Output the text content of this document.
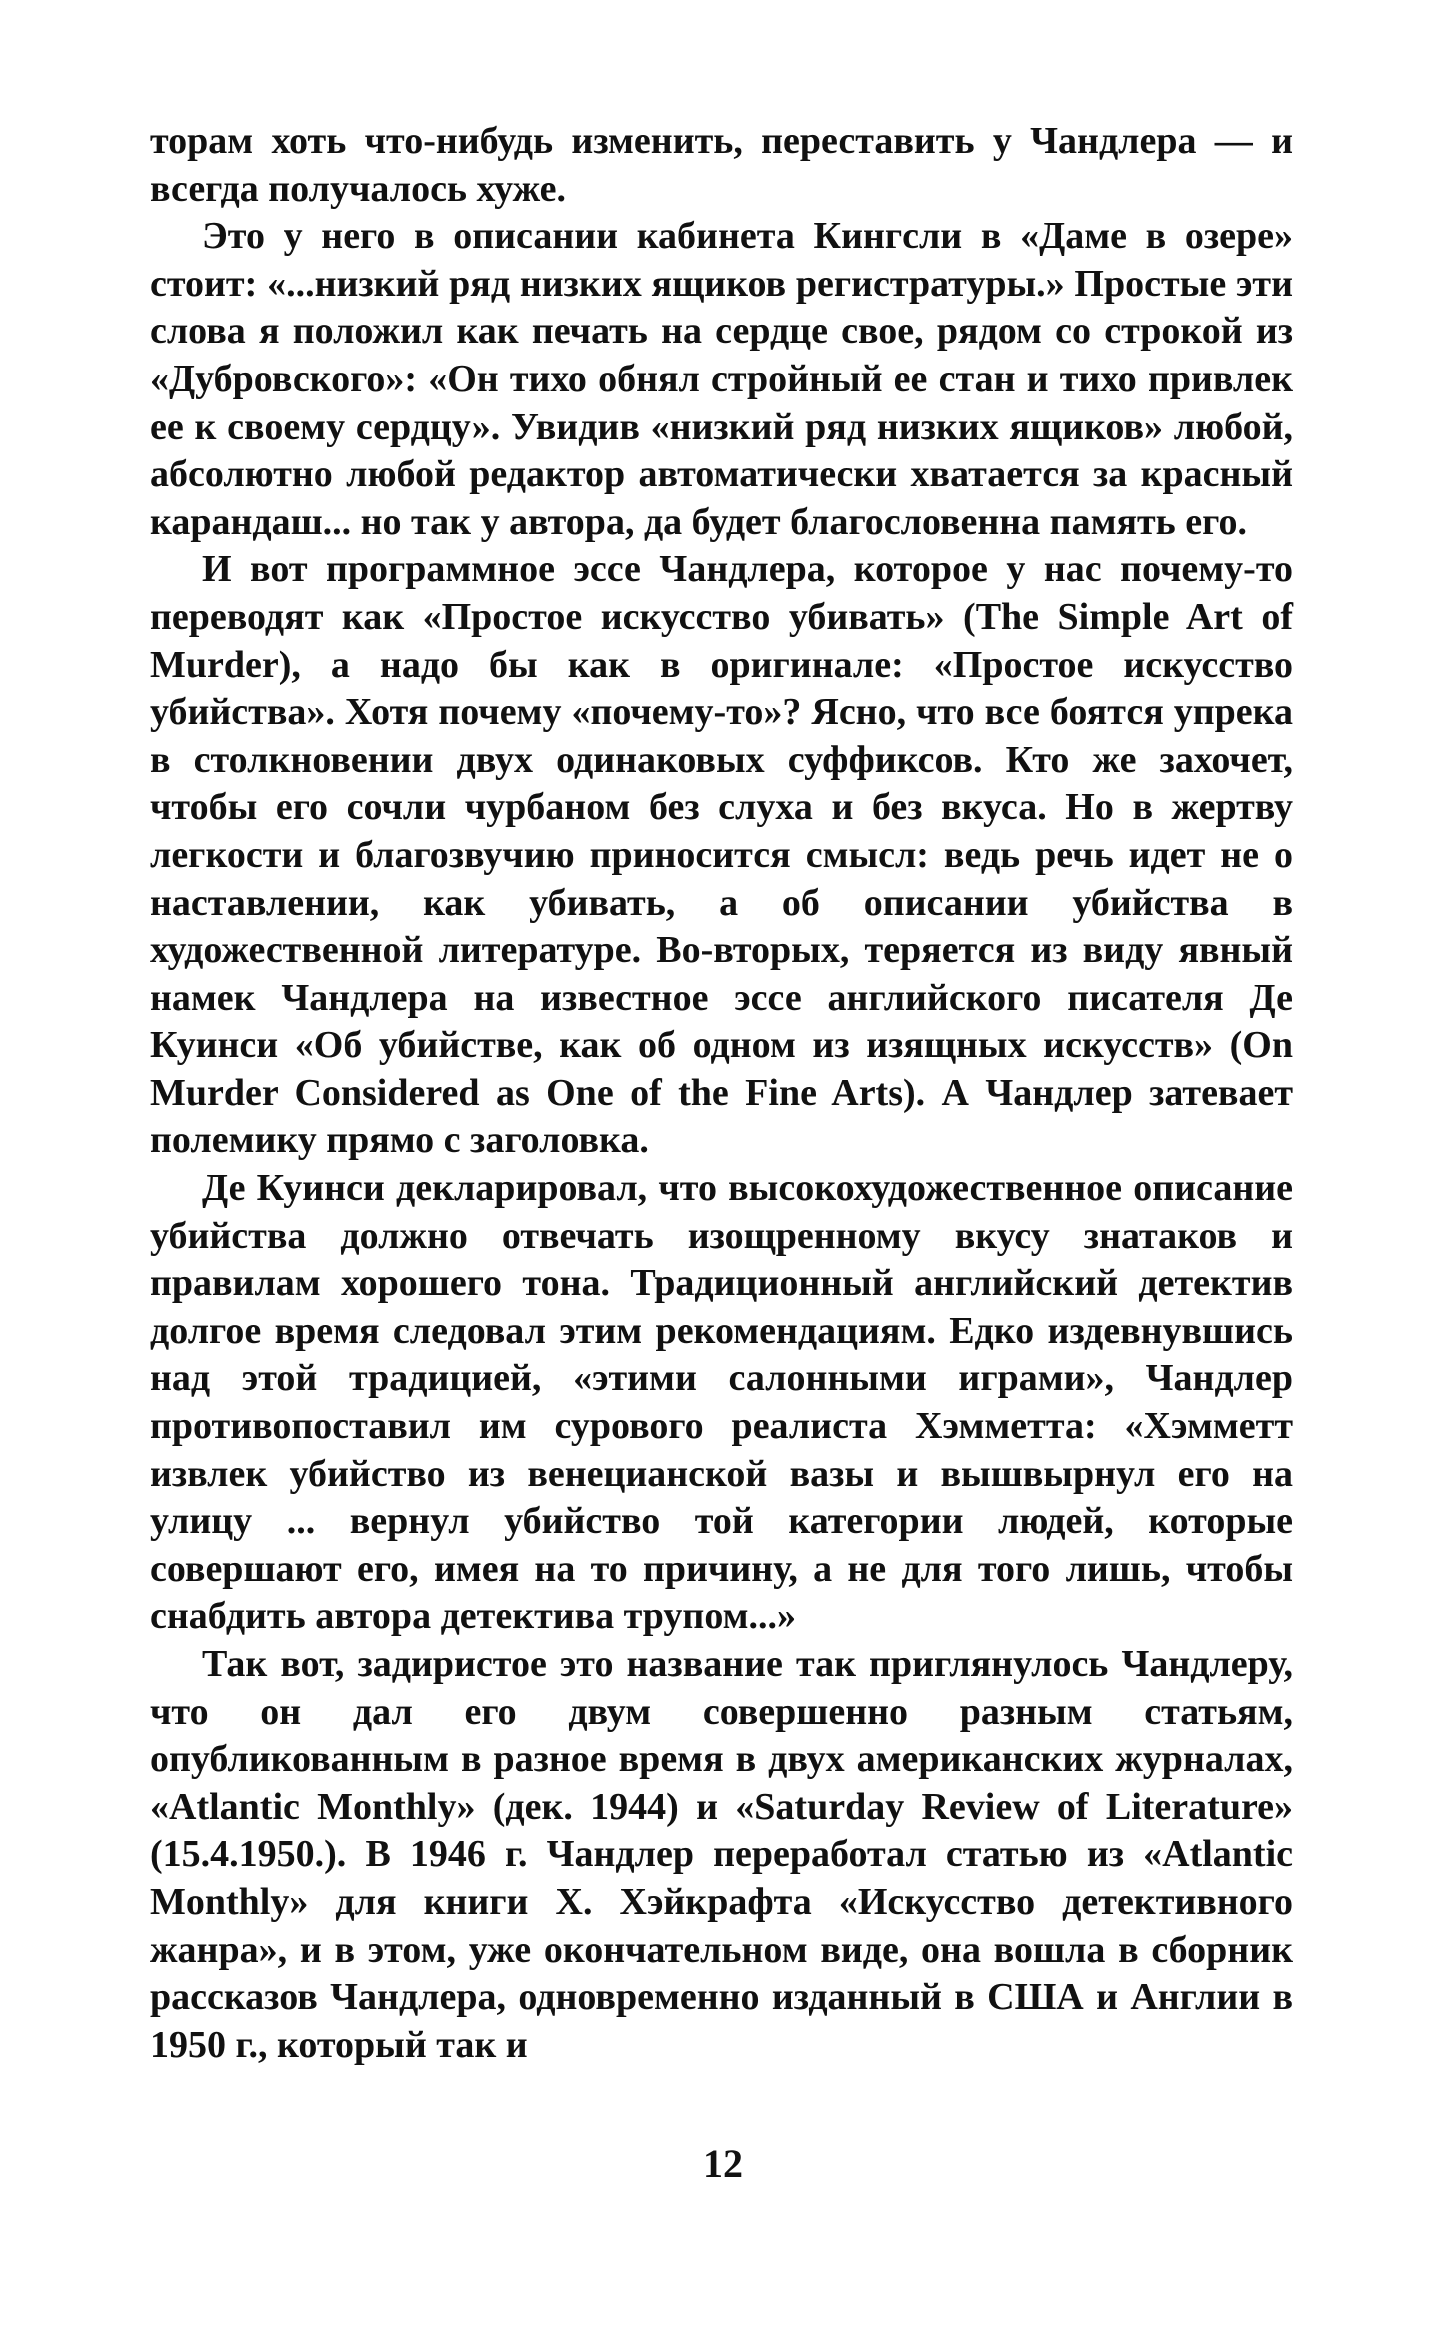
торам хоть что-нибудь изменить, переставить у Чандлера — и всегда получалось хуже.

Это у него в описании кабинета Кингсли в «Даме в озере» стоит: «...низкий ряд низких ящиков регистратуры.» Простые эти слова я положил как печать на сердце свое, рядом со строкой из «Дубровского»: «Он тихо обнял стройный ее стан и тихо привлек ее к своему сердцу». Увидив «низкий ряд низких ящиков» любой, абсолютно любой редактор автоматически хватается за красный карандаш... но так у автора, да будет благословенна память его.

И вот программное эссе Чандлера, которое у нас почему-то переводят как «Простое искусство убивать» (The Simple Art of Murder), а надо бы как в оригинале: «Простое искусство убийства». Хотя почему «почему-то»? Ясно, что все боятся упрека в столкновении двух одинаковых суффиксов. Кто же захочет, чтобы его сочли чурбаном без слуха и без вкуса. Но в жертву легкости и благозвучию приносится смысл: ведь речь идет не о наставлении, как убивать, а об описании убийства в художественной литературе. Во-вторых, теряется из виду явный намек Чандлера на известное эссе английского писателя Де Куинси «Об убийстве, как об одном из изящных искусств» (On Murder Considered as One of the Fine Arts). А Чандлер затевает полемику прямо с заголовка.

Де Куинси декларировал, что высокохудожественное описание убийства должно отвечать изощренному вкусу знатаков и правилам хорошего тона. Традиционный английский детектив долгое время следовал этим рекомендациям. Едко издевнувшись над этой традицией, «этими салонными играми», Чандлер противопоставил им сурового реалиста Хэмметта: «Хэмметт извлек убийство из венецианской вазы и вышвырнул его на улицу ... вернул убийство той категории людей, которые совершают его, имея на то причину, а не для того лишь, чтобы снабдить автора детектива трупом...»

Так вот, задиристое это название так приглянулось Чандлеру, что он дал его двум совершенно разным статьям, опубликованным в разное время в двух американских журналах, «Atlantic Monthly» (дек. 1944) и «Saturday Review of Literature» (15.4.1950.). В 1946 г. Чандлер переработал статью из «Atlantic Monthly» для книги Х. Хэйкрафта «Искусство детективного жанра», и в этом, уже окончательном виде, она вошла в сборник рассказов Чандлера, одновременно изданный в США и Англии в 1950 г., который так и

12
